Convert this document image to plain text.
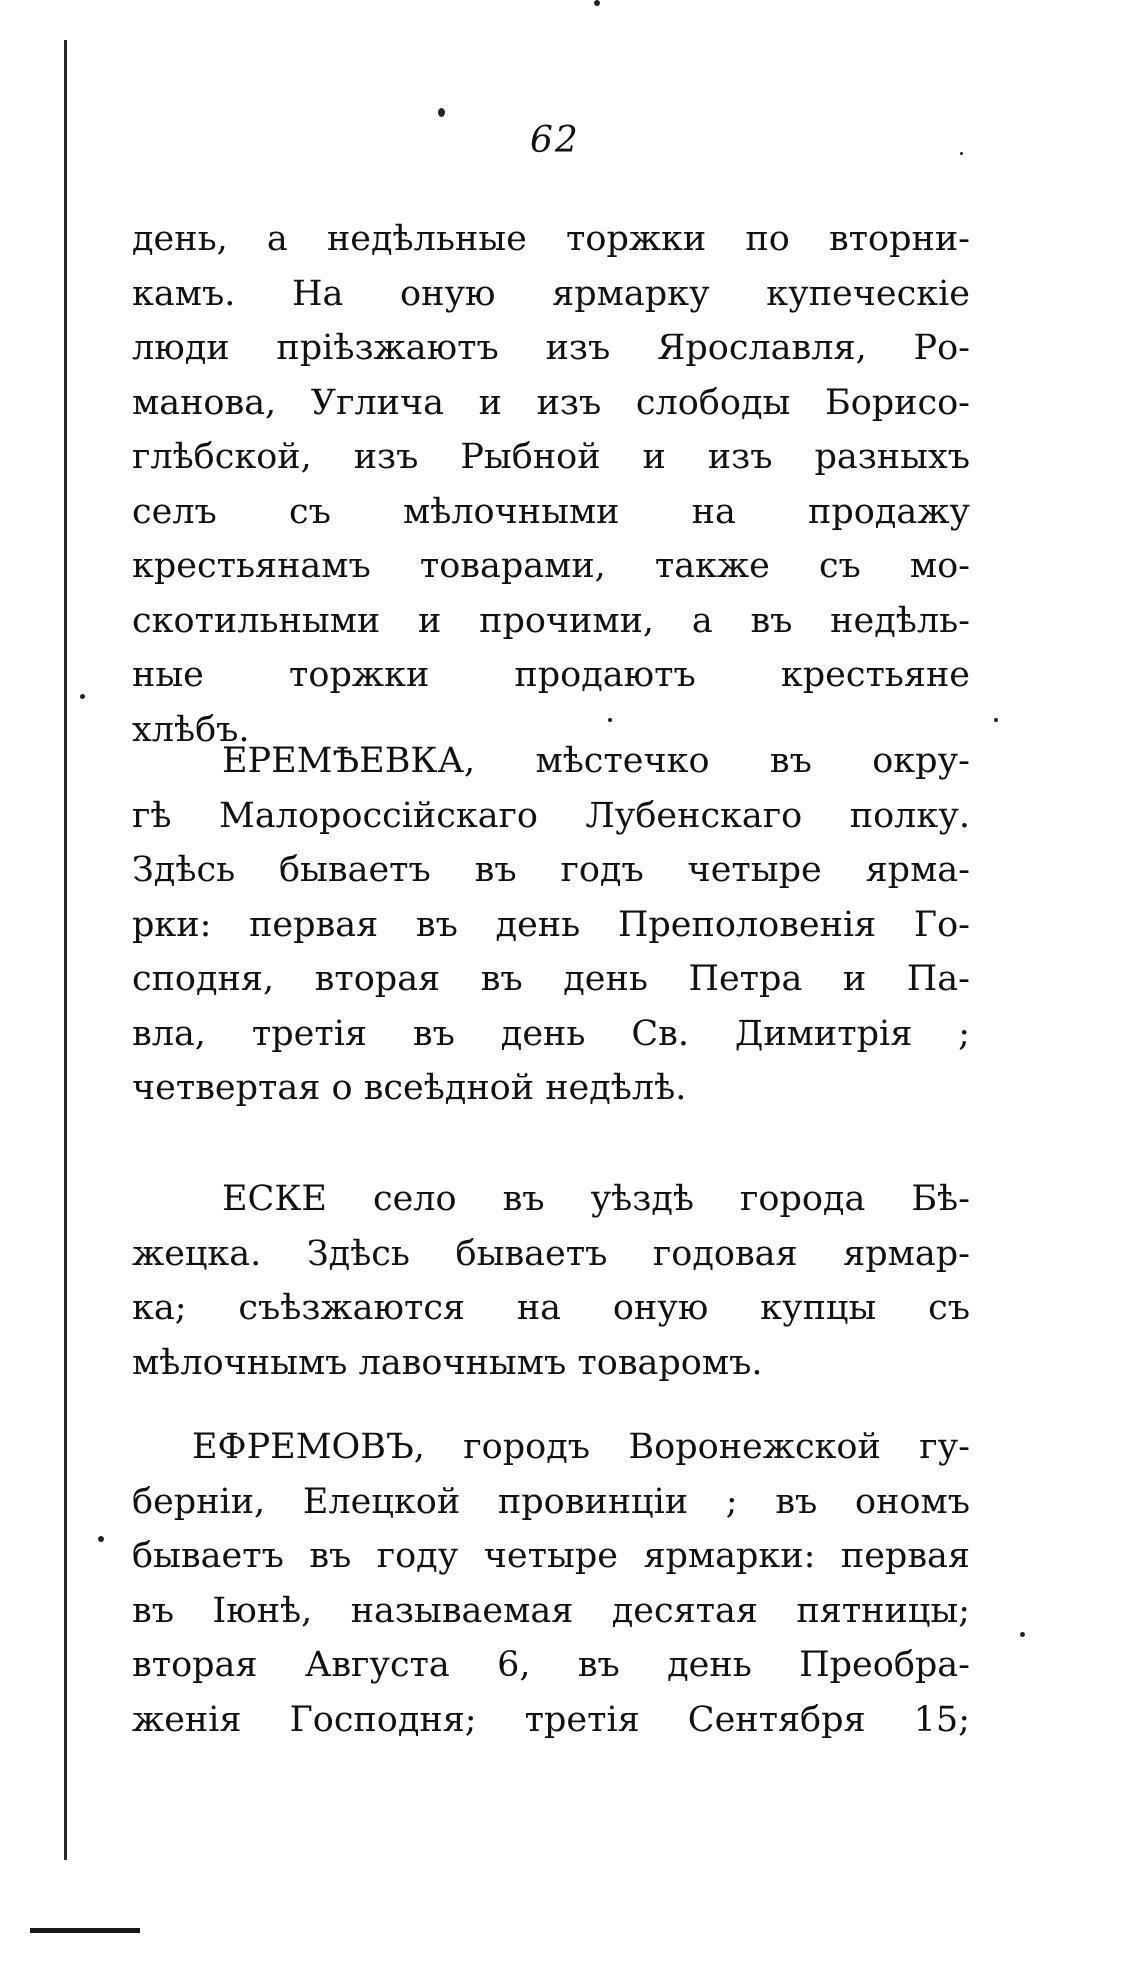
62
день, а недѣльные торжки по вторни-
камъ. На оную ярмарку купеческіе
люди пріѣзжаютъ изъ Ярославля, Ро-
манова, Углича и изъ слободы Борисо-
глѣбской, изъ Рыбной и изъ разныхъ
селъ съ мѣлочными на продажу
крестьянамъ товарами, также съ мо-
скотильными и прочими, а въ недѣль-
ные торжки продаютъ крестьяне
хлѣбъ.
ЕРЕМѢЕВКА, мѣстечко въ окру-
гѣ Малороссійскаго Лубенскаго полку.
Здѣсь бываетъ въ годъ четыре ярма-
рки: первая въ день Преполовенія Го-
сподня, вторая въ день Петра и Па-
вла, третія въ день Св. Димитрія ;
четвертая о всеѣдной недѣлѣ.
ЕСКЕ село въ уѣздѣ города Бѣ-
жецка. Здѣсь бываетъ годовая ярмар-
ка; съѣзжаются на оную купцы съ
мѣлочнымъ лавочнымъ товаромъ.
ЕФРЕМОВЪ, городъ Воронежской гу-
берніи, Елецкой провинціи ; въ ономъ
бываетъ въ году четыре ярмарки: первая
въ Іюнѣ, называемая десятая пятницы;
вторая Августа 6, въ день Преобра-
женія Господня; третія Сентября 15;
